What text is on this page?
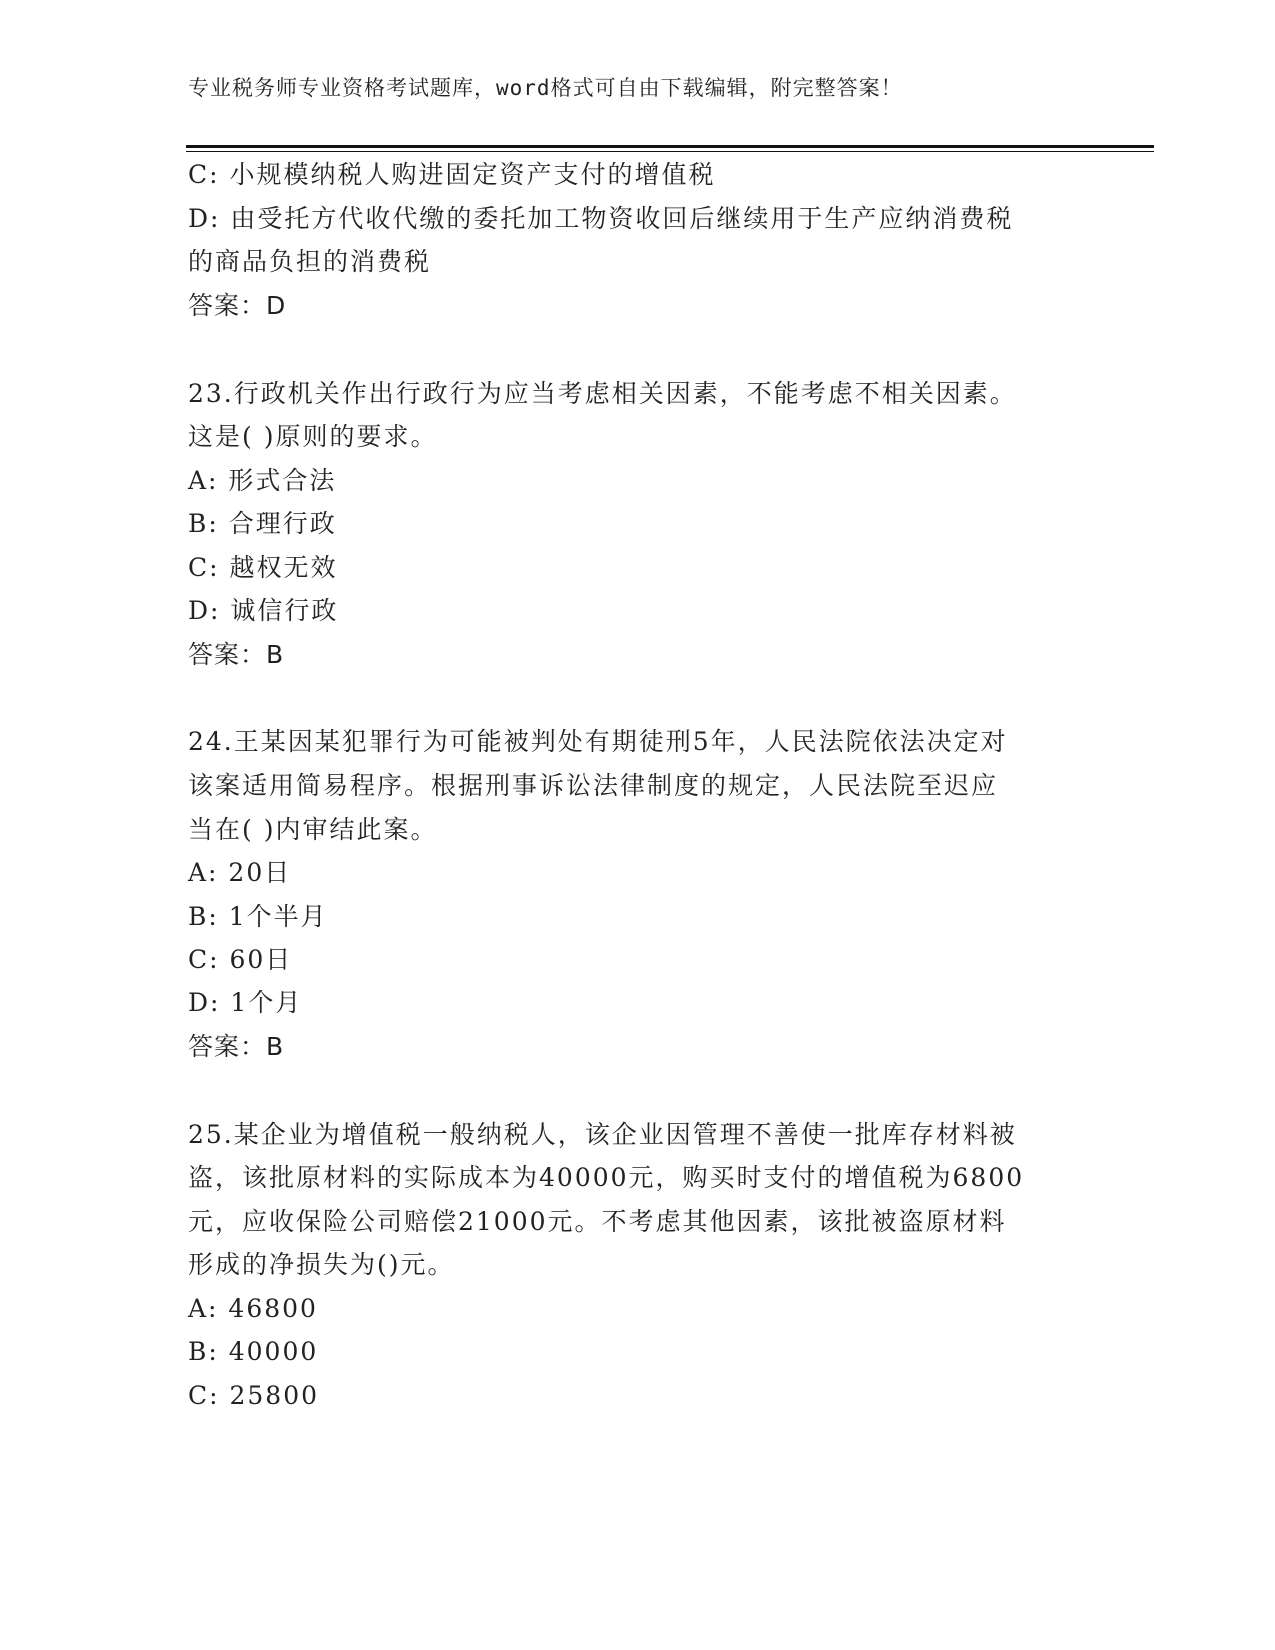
专业税务师专业资格考试题库，word格式可自由下载编辑，附完整答案！
C: 小规模纳税人购进固定资产支付的增值税
D: 由受托方代收代缴的委托加工物资收回后继续用于生产应纳消费税
的商品负担的消费税
答案：D
23.行政机关作出行政行为应当考虑相关因素，不能考虑不相关因素。
这是( )原则的要求。
A: 形式合法
B: 合理行政
C: 越权无效
D: 诚信行政
答案：B
24.王某因某犯罪行为可能被判处有期徒刑5年，人民法院依法决定对
该案适用简易程序。根据刑事诉讼法律制度的规定，人民法院至迟应
当在( )内审结此案。
A: 20日
B: 1个半月
C: 60日
D: 1个月
答案：B
25.某企业为增值税一般纳税人，该企业因管理不善使一批库存材料被
盗，该批原材料的实际成本为40000元，购买时支付的增值税为6800
元，应收保险公司赔偿21000元。不考虑其他因素，该批被盗原材料
形成的净损失为()元。
A: 46800
B: 40000
C: 25800
